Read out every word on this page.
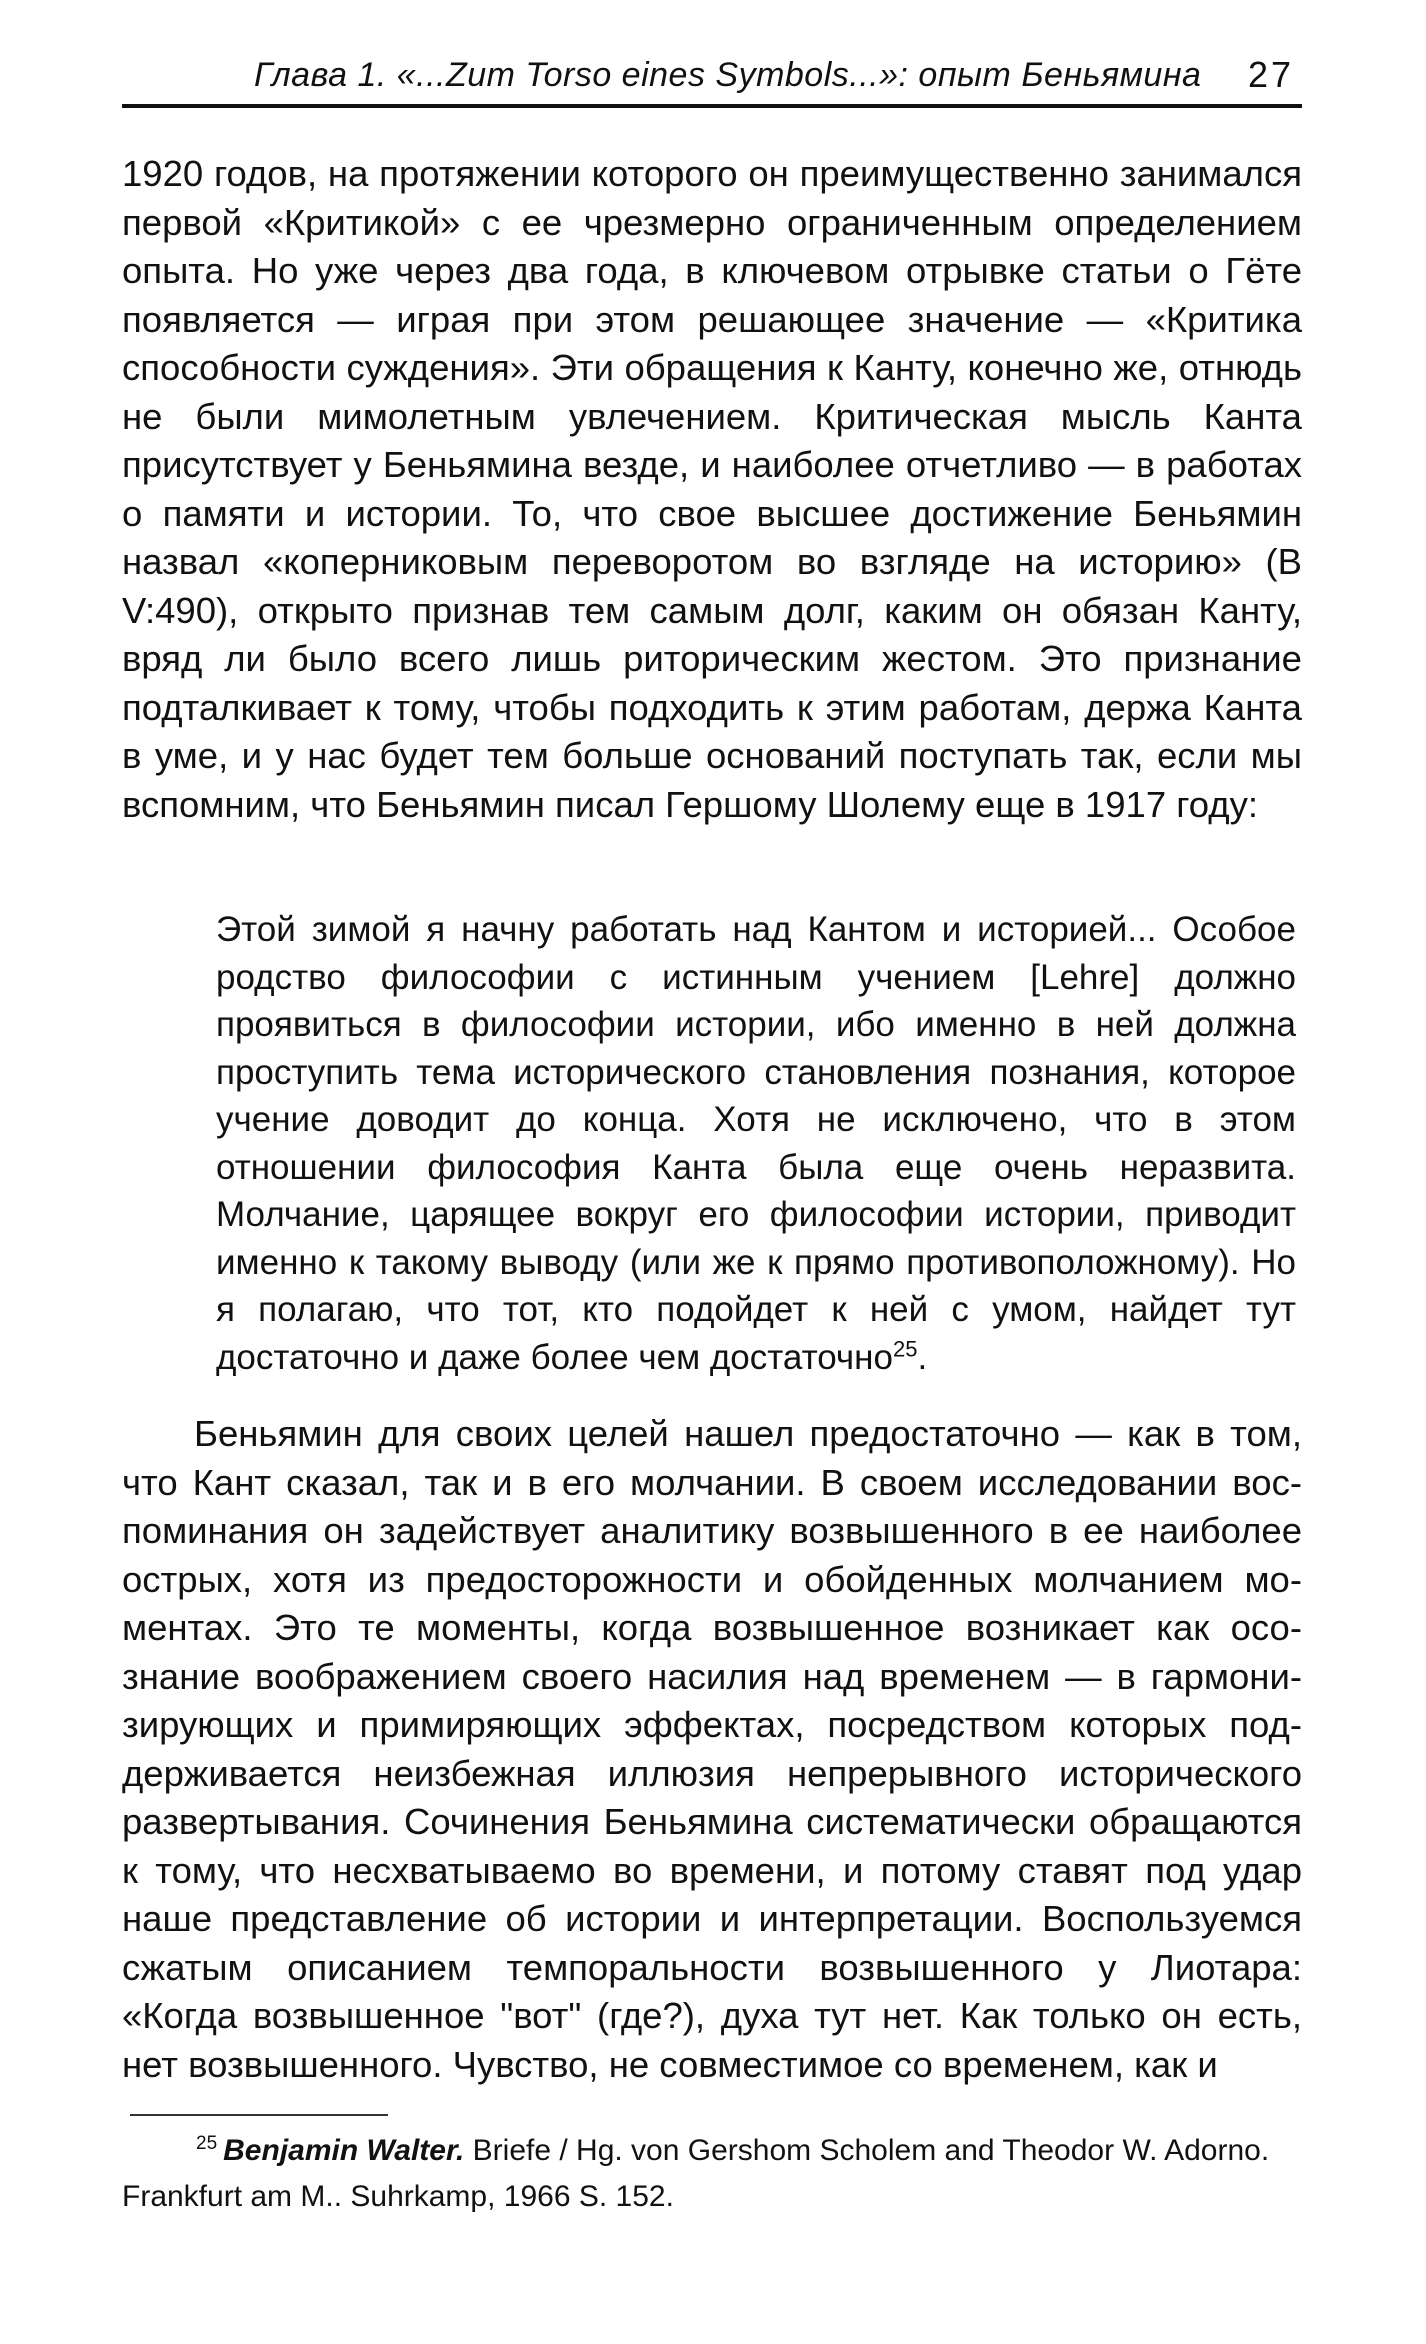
Глава 1. «...Zum Torso eines Symbols...»: опыт Беньямина 27

1920 годов, на протяжении которого он преимущественно занимался первой «Критикой» с ее чрезмерно ограниченным определением опыта. Но уже через два года, в ключевом отрывке статьи о Гёте появляется — играя при этом решающее значение — «Критика способности суждения». Эти обращения к Канту, конечно же, отнюдь не были мимолетным увлечением. Критическая мысль Канта присутствует у Беньямина везде, и наиболее отчетливо — в работах о памяти и истории. То, что свое высшее достижение Беньямин назвал «коперниковым переворотом во взгляде на историю» (В V:490), открыто признав тем самым долг, каким он обязан Канту, вряд ли было всего лишь риторическим жестом. Это признание подталкивает к тому, чтобы подходить к этим работам, держа Канта в уме, и у нас будет тем больше оснований поступать так, если мы вспомним, что Беньямин писал Гершому Шолему еще в 1917 году:

Этой зимой я начну работать над Кантом и историей... Особое родство философии с истинным учением [Lehre] должно проявиться в философии истории, ибо именно в ней должна проступить тема исторического становления познания, которое учение доводит до конца. Хотя не исключено, что в этом отношении философия Канта была еще очень неразвита. Молчание, царящее вокруг его философии истории, приводит именно к такому выводу (или же к прямо противоположному). Но я полагаю, что тот, кто подойдет к ней с умом, найдет тут достаточно и даже более чем достаточно$^{25}$.

Беньямин для своих целей нашел предостаточно — как в том, что Кант сказал, так и в его молчании. В своем исследовании воспоминания он задействует аналитику возвышенного в ее наиболее острых, хотя из предосторожности и обойденных молчанием моментах. Это те моменты, когда возвышенное возникает как осознание воображением своего насилия над временем — в гармонизирующих и примиряющих эффектах, посредством которых поддерживается неизбежная иллюзия непрерывного исторического развертывания. Сочинения Беньямина систематически обращаются к тому, что несхватываемо во времени, и потому ставят под удар наше представление об истории и интерпретации. Воспользуемся сжатым описанием темпоральности возвышенного у Лиотара: «Когда возвышенное "вот" (где?), духа тут нет. Как только он есть, нет возвышенного. Чувство, не совместимое со временем, как и

$^{25}$ Benjamin Walter. Briefe / Hg. von Gershom Scholem and Theodor W. Adorno. Frankfurt am M.. Suhrkamp, 1966 S. 152.
